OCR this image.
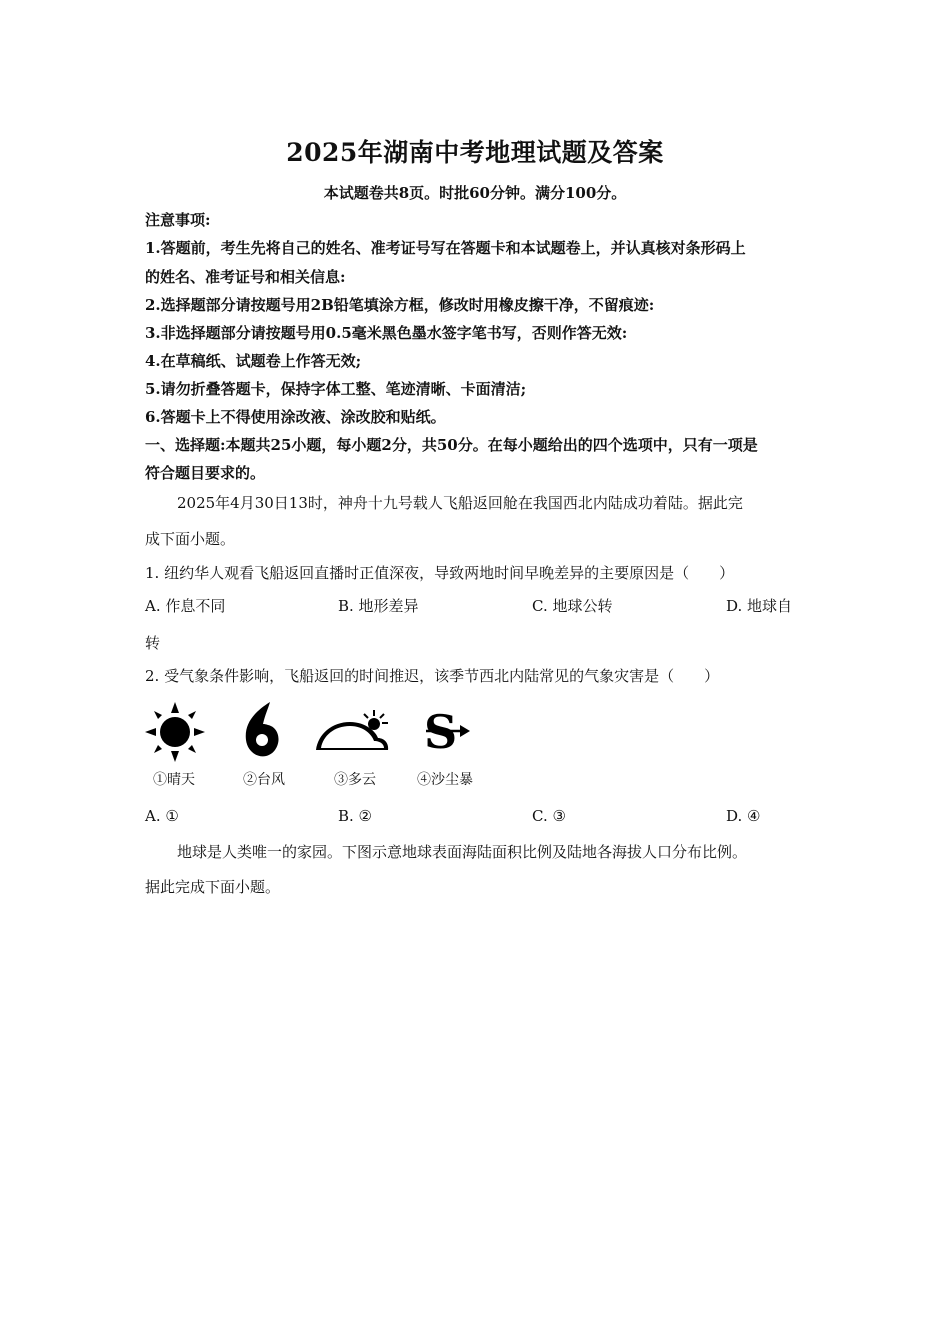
2025年湖南中考地理试题及答案
本试题卷共8页。时批60分钟。满分100分。
注意事项:
1.答题前，考生先将自己的姓名、准考证号写在答题卡和本试题卷上，并认真核对条形码上
的姓名、准考证号和相关信息:
2.选择题部分请按题号用2B铅笔填涂方框，修改时用橡皮擦干净，不留痕迹:
3.非选择题部分请按题号用0.5毫米黑色墨水签字笔书写，否则作答无效:
4.在草稿纸、试题卷上作答无效;
5.请勿折叠答题卡，保持字体工整、笔迹清晰、卡面清洁;
6.答题卡上不得使用涂改液、涂改胶和贴纸。
一、选择题:本题共25小题，每小题2分，共50分。在每小题给出的四个选项中，只有一项是
符合题目要求的。
2025年4月30日13时，神舟十九号载人飞船返回舱在我国西北内陆成功着陆。据此完
成下面小题。
1. 纽约华人观看飞船返回直播时正值深夜，导致两地时间早晚差异的主要原因是（　　）
A. 作息不同	B. 地形差异	C. 地球公转	D. 地球自
转
2. 受气象条件影响，飞船返回的时间推迟，该季节西北内陆常见的气象灾害是（　　）
S
①晴天	②台风	③多云	④沙尘暴
A. ①	B. ②	C. ③	D. ④
地球是人类唯一的家园。下图示意地球表面海陆面积比例及陆地各海拔人口分布比例。
据此完成下面小题。
